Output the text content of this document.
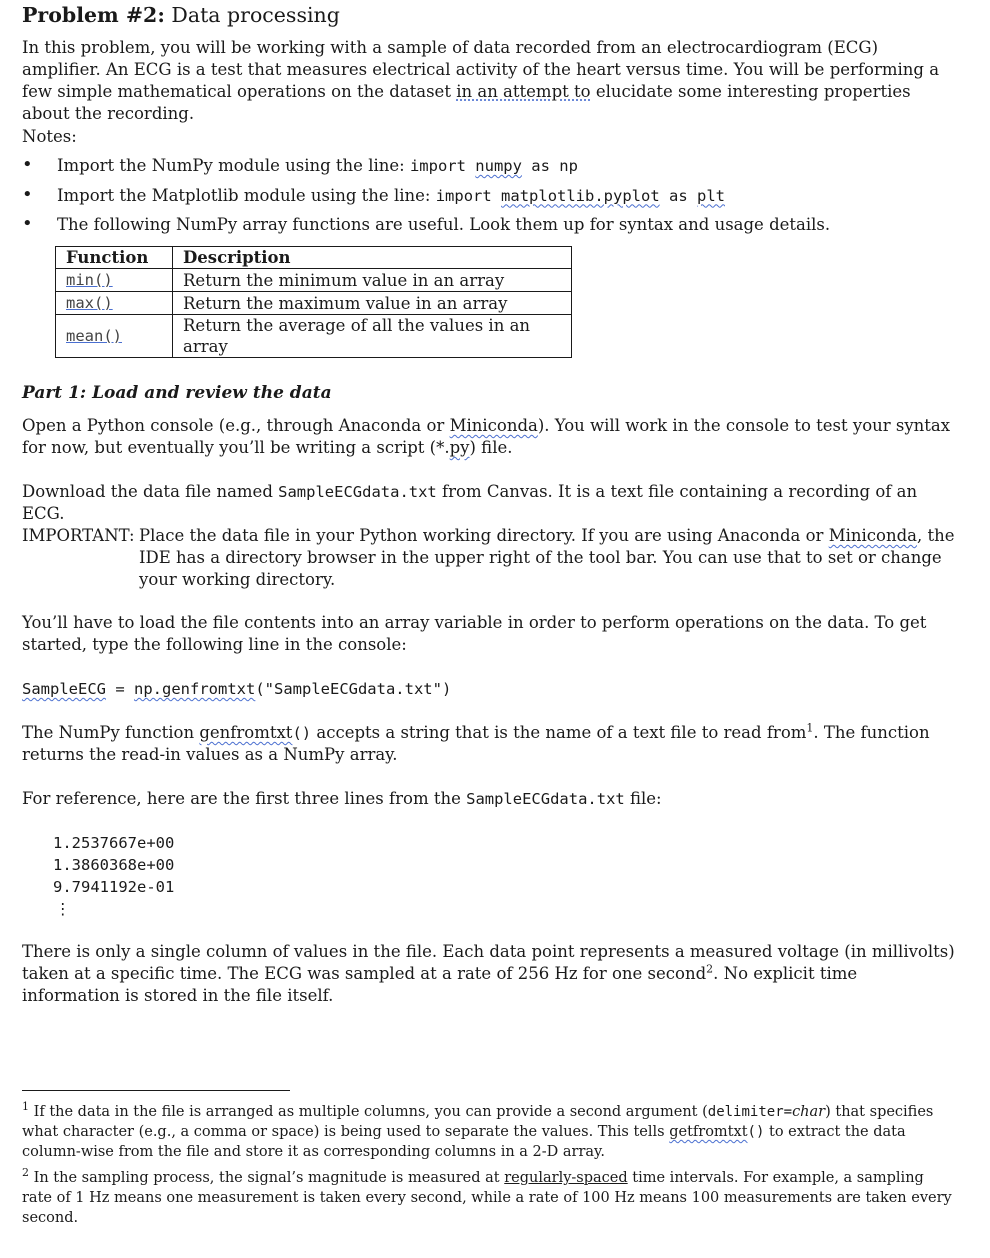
Problem #2: Data processing

In this problem, you will be working with a sample of data recorded from an electrocardiogram (ECG) amplifier. An ECG is a test that measures electrical activity of the heart versus time. You will be performing a few simple mathematical operations on the dataset in an attempt to elucidate some interesting properties about the recording.

Notes:

• Import the NumPy module using the line: import numpy as np
• Import the Matplotlib module using the line: import matplotlib.pyplot as plt
• The following NumPy array functions are useful. Look them up for syntax and usage details.
Function	Description
min()	Return the minimum value in an array
max()	Return the maximum value in an array
mean()	Return the average of all the values in an array
Part 1: Load and review the data

Open a Python console (e.g., through Anaconda or Miniconda). You will work in the console to test your syntax for now, but eventually you’ll be writing a script (*.py) file.

Download the data file named SampleECGdata.txt from Canvas. It is a text file containing a recording of an ECG.

IMPORTANT: Place the data file in your Python working directory. If you are using Anaconda or Miniconda, the IDE has a directory browser in the upper right of the tool bar. You can use that to set or change your working directory.

You’ll have to load the file contents into an array variable in order to perform operations on the data. To get started, type the following line in the console:

SampleECG = np.genfromtxt("SampleECGdata.txt")

The NumPy function genfromtxt() accepts a string that is the name of a text file to read from$^1$. The function returns the read-in values as a NumPy array.

For reference, here are the first three lines from the SampleECGdata.txt file:

1.2537667e+00
1.3860368e+00
9.7941192e-01
⋮

There is only a single column of values in the file. Each data point represents a measured voltage (in millivolts) taken at a specific time. The ECG was sampled at a rate of 256 Hz for one second$^2$. No explicit time information is stored in the file itself.

$^1$ If the data in the file is arranged as multiple columns, you can provide a second argument (delimiter=char) that specifies what character (e.g., a comma or space) is being used to separate the values. This tells getfromtxt() to extract the data column-wise from the file and store it as corresponding columns in a 2-D array.

$^2$ In the sampling process, the signal’s magnitude is measured at regularly-spaced time intervals. For example, a sampling rate of 1 Hz means one measurement is taken every second, while a rate of 100 Hz means 100 measurements are taken every second.
